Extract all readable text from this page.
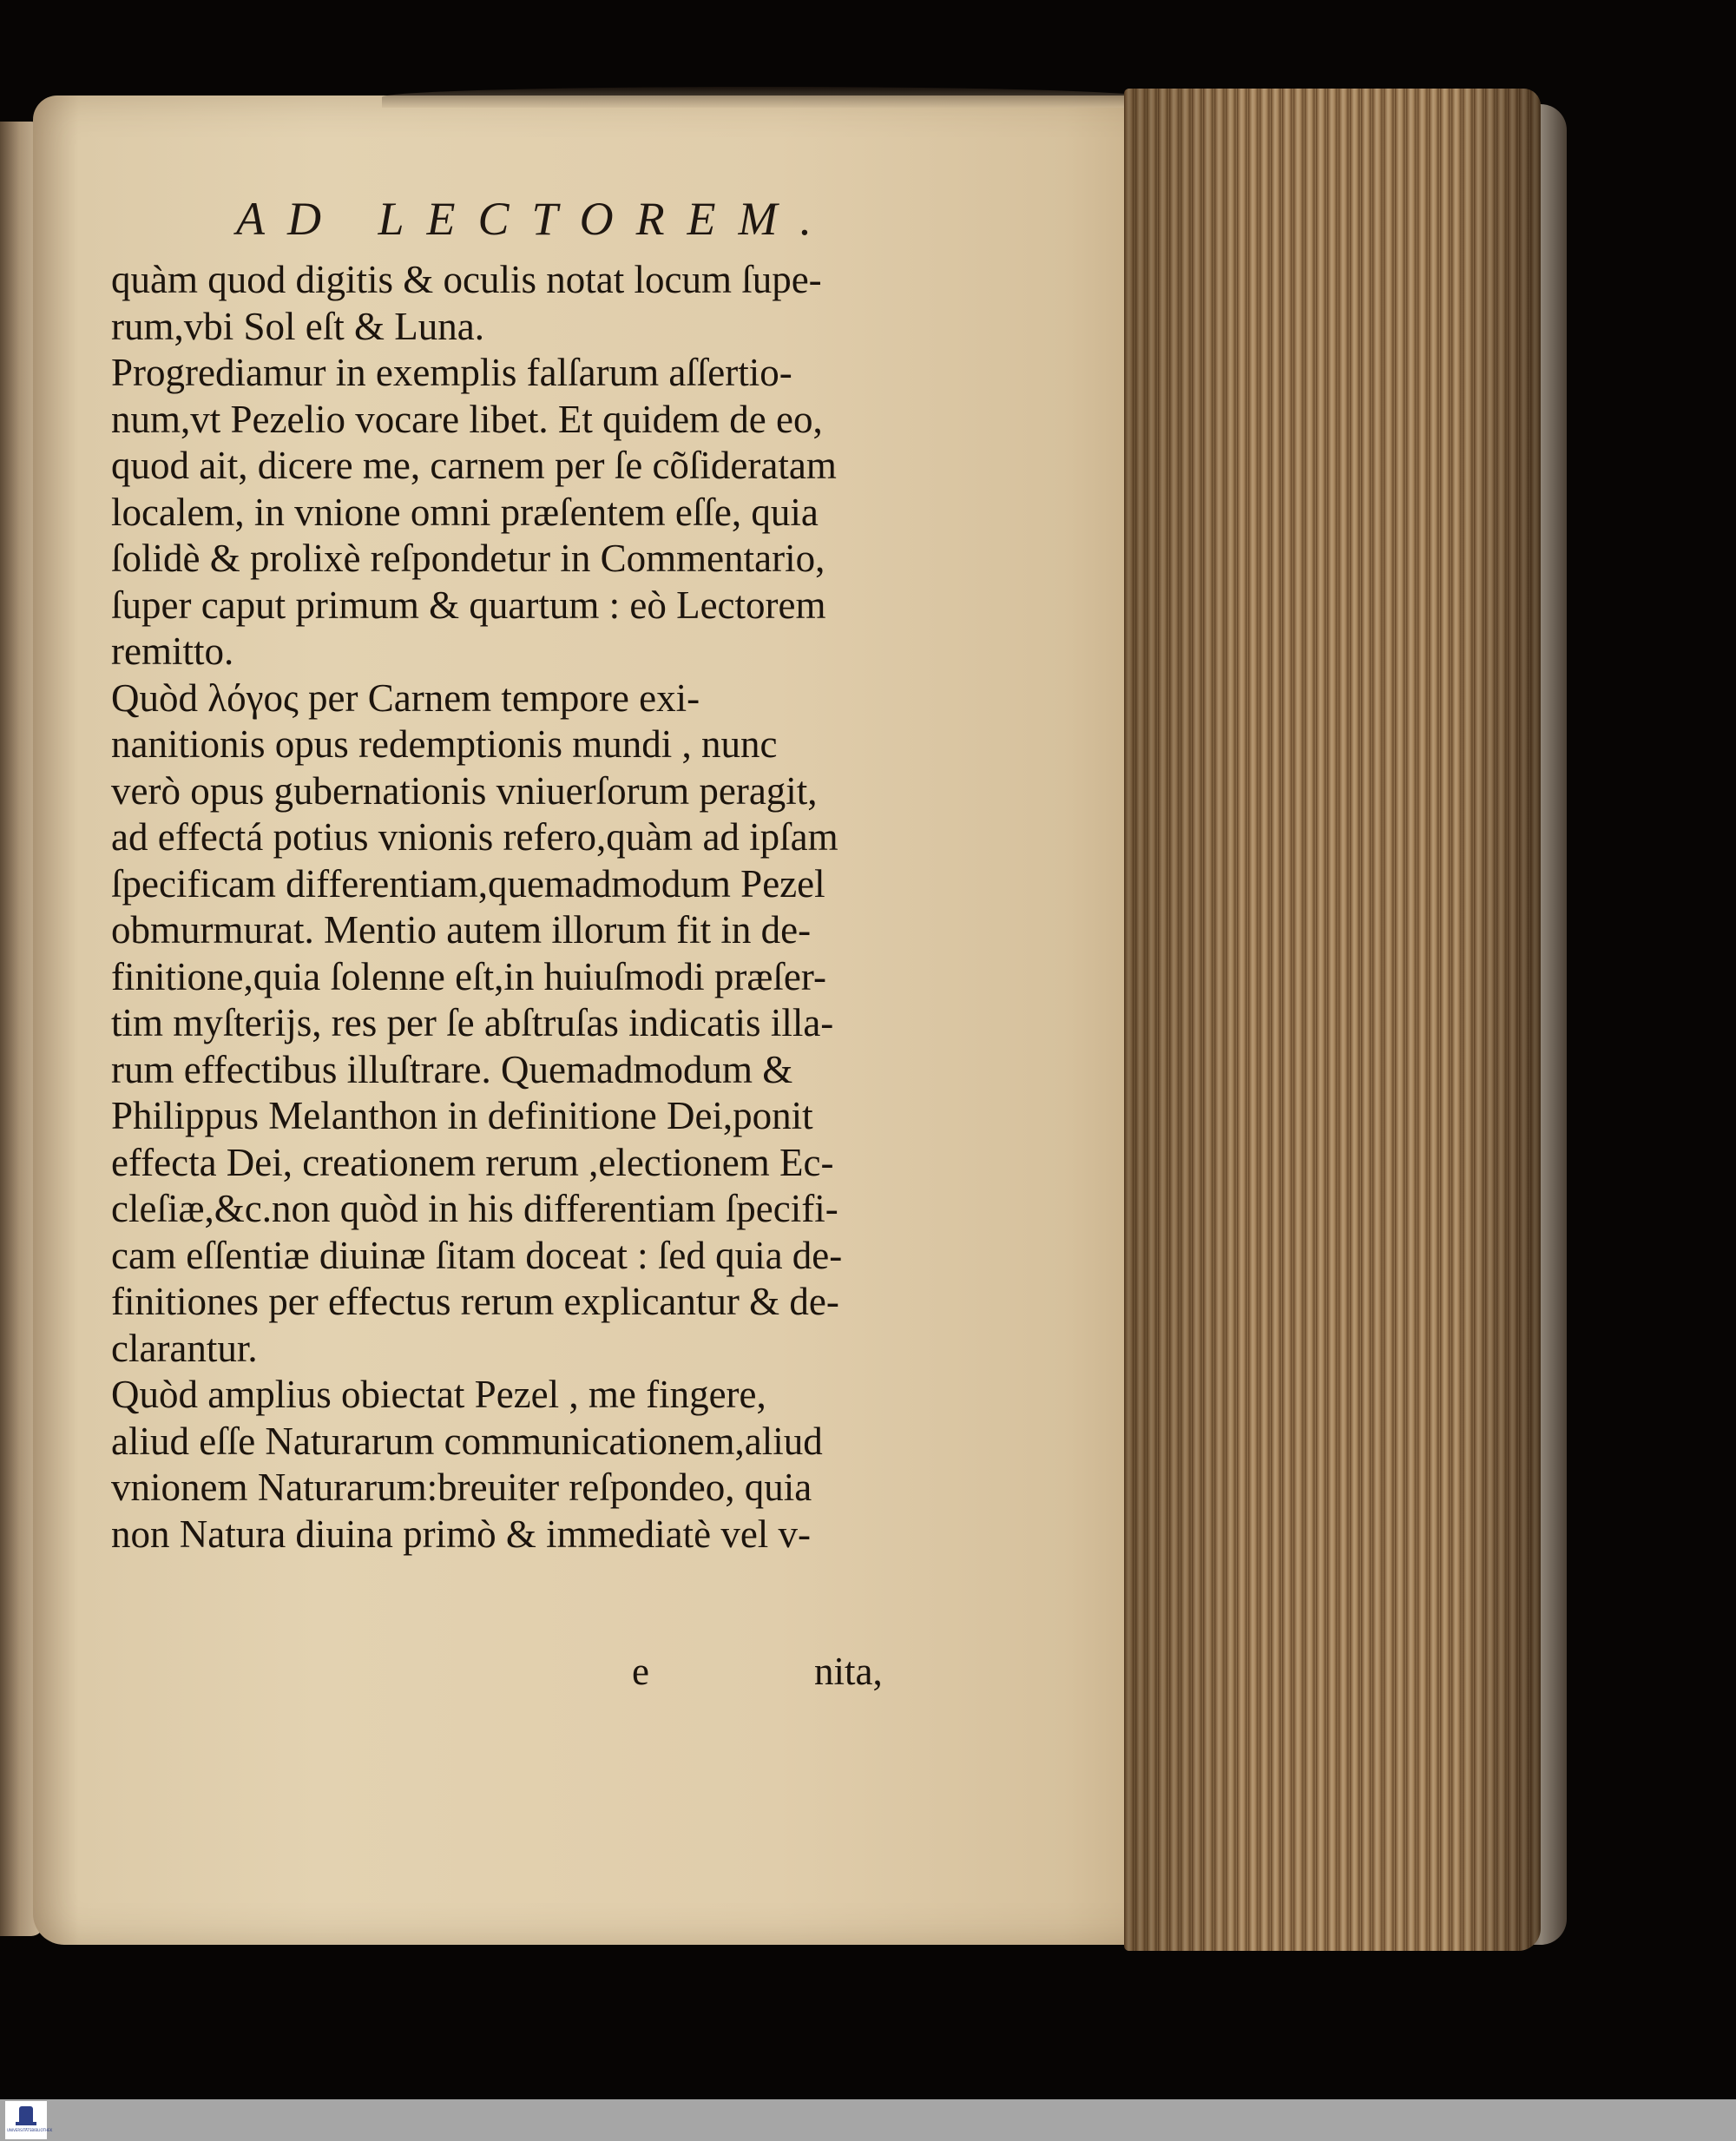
AD LECTOREM.
quàm quod digitis & oculis notat locum ſupe-
rum,vbi Sol eſt & Luna.
Progrediamur in exemplis falſarum aſſertio-
num,vt Pezelio vocare libet. Et quidem de eo,
quod ait, dicere me, carnem per ſe cõſideratam
localem, in vnione omni præſentem eſſe, quia
ſolidè & prolixè reſpondetur in Commentario,
ſuper caput primum & quartum : eò Lectorem
remitto.
Quòd λόγος per Carnem tempore exi-
nanitionis opus redemptionis mundi , nunc
verò opus gubernationis vniuerſorum peragit,
ad effectá potius vnionis refero,quàm ad ipſam
ſpecificam differentiam,quemadmodum Pezel
obmurmurat. Mentio autem illorum fit in de-
finitione,quia ſolenne eſt,in huiuſmodi præſer-
tim myſterijs, res per ſe abſtruſas indicatis illa-
rum effectibus illuſtrare. Quemadmodum &
Philippus Melanthon in definitione Dei,ponit
effecta Dei, creationem rerum ,electionem Ec-
cleſiæ,&c.non quòd in his differentiam ſpecifi-
cam eſſentiæ diuinæ ſitam doceat : ſed quia de-
finitiones per effectus rerum explicantur & de-
clarantur.
Quòd amplius obiectat Pezel , me fingere,
aliud eſſe Naturarum communicationem,aliud
vnionem Naturarum:breuiter reſpondeo, quia
non Natura diuina primò & immediatè vel v-
e	nita,
UNIVERSITÄTSBIBLIOTHEK
